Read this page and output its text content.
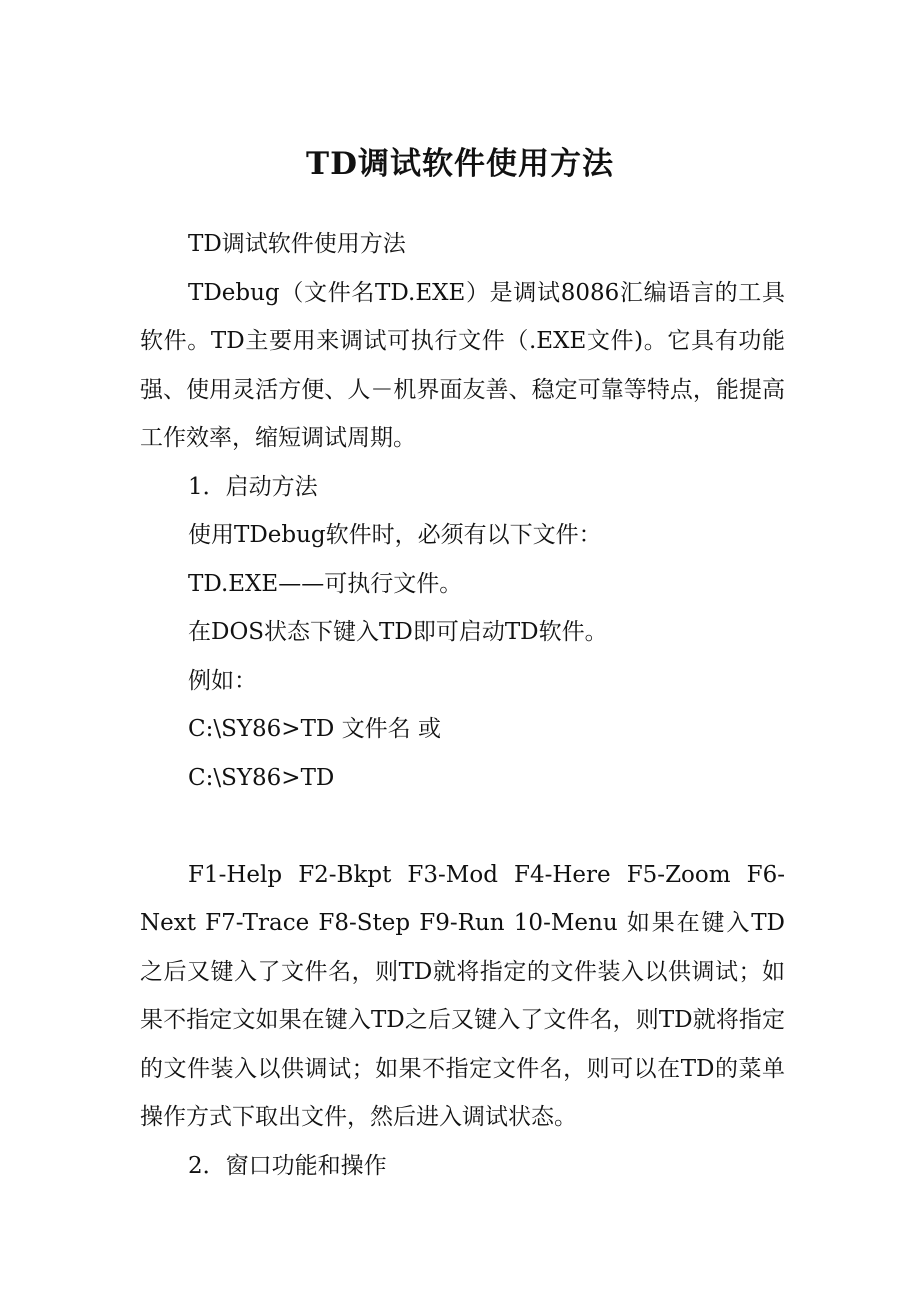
TD调试软件使用方法

TD调试软件使用方法

TDebug（文件名TD.EXE）是调试8086汇编语言的工具软件。TD主要用来调试可执行文件（.EXE文件)。它具有功能强、使用灵活方便、人－机界面友善、稳定可靠等特点，能提高工作效率，缩短调试周期。

1．启动方法

使用TDebug软件时，必须有以下文件：

TD.EXE——可执行文件。

在DOS状态下键入TD即可启动TD软件。

例如：

C:\SY86>TD 文件名 或

C:\SY86>TD

F1-Help F2-Bkpt F3-Mod F4-Here F5-Zoom F6-Next F7-Trace F8-Step F9-Run 10-Menu 如果在键入TD之后又键入了文件名，则TD就将指定的文件装入以供调试；如果不指定文如果在键入TD之后又键入了文件名，则TD就将指定的文件装入以供调试；如果不指定文件名，则可以在TD的菜单操作方式下取出文件，然后进入调试状态。

2．窗口功能和操作
